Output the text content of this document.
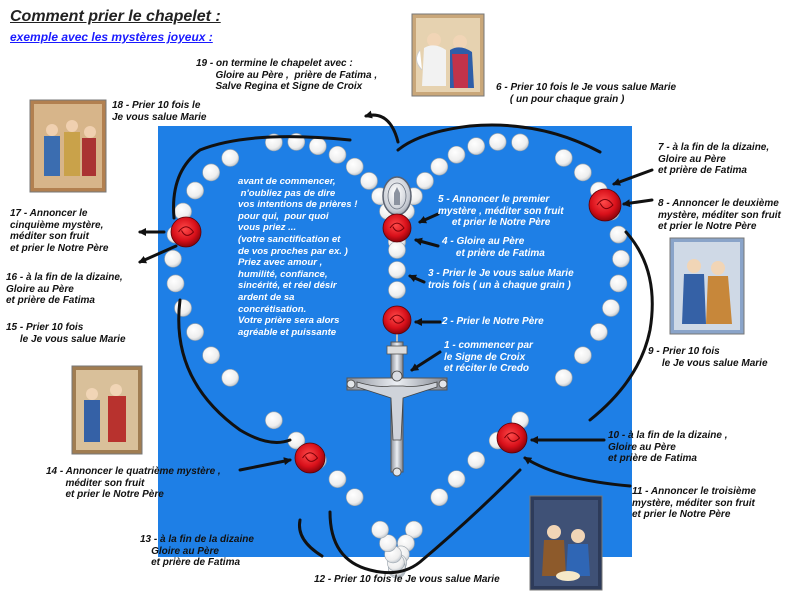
Comment prier le chapelet :
exemple avec les mystères joyeux :
avant de commencer,
n'oubliez pas de dire
vos intentions de prières !
pour qui,  pour quoi
vous priez ...
(votre sanctification et
de vos proches par ex. )
Priez avec amour ,
humilité, confiance,
sincérité, et réel désir
ardent de sa
concrétisation.
Votre prière sera alors
agréable et puissante
5 - Annoncer le premier
mystère , méditer son fruit
et prier le Notre Père
4 - Gloire au Père
et prière de Fatima
3 - Prier le Je vous salue Marie
trois fois ( un à chaque grain )
2 - Prier le Notre Père
1 - commencer par
le Signe de Croix
et réciter le Credo
19 - on termine le chapelet avec :
Gloire au Père ,  prière de Fatima ,
Salve Regina et Signe de Croix	6 - Prier 10 fois le Je vous salue Marie
( un pour chaque grain )
18 - Prier 10 fois le
Je vous salue Marie
7 - à la fin de la dizaine,
Gloire au Père
et prière de Fatima
8 - Annoncer le deuxième
mystère, méditer son fruit
et prier le Notre Père
17 - Annoncer le
cinquième mystère,
méditer son fruit
et prier le Notre Père
16 - à la fin de la dizaine,
Gloire au Père
et prière de Fatima
15 - Prier 10 fois
le Je vous salue Marie
9 - Prier 10 fois
le Je vous salue Marie
10 - à la fin de la dizaine ,
Gloire au Père
et prière de Fatima
14 - Annoncer le quatrième mystère ,
méditer son fruit
et prier le Notre Père	11 - Annoncer le troisième
mystère, méditer son fruit
et prier le Notre Père
13 - à la fin de la dizaine
Gloire au Père
et prière de Fatima
12 - Prier 10 fois le Je vous salue Marie
